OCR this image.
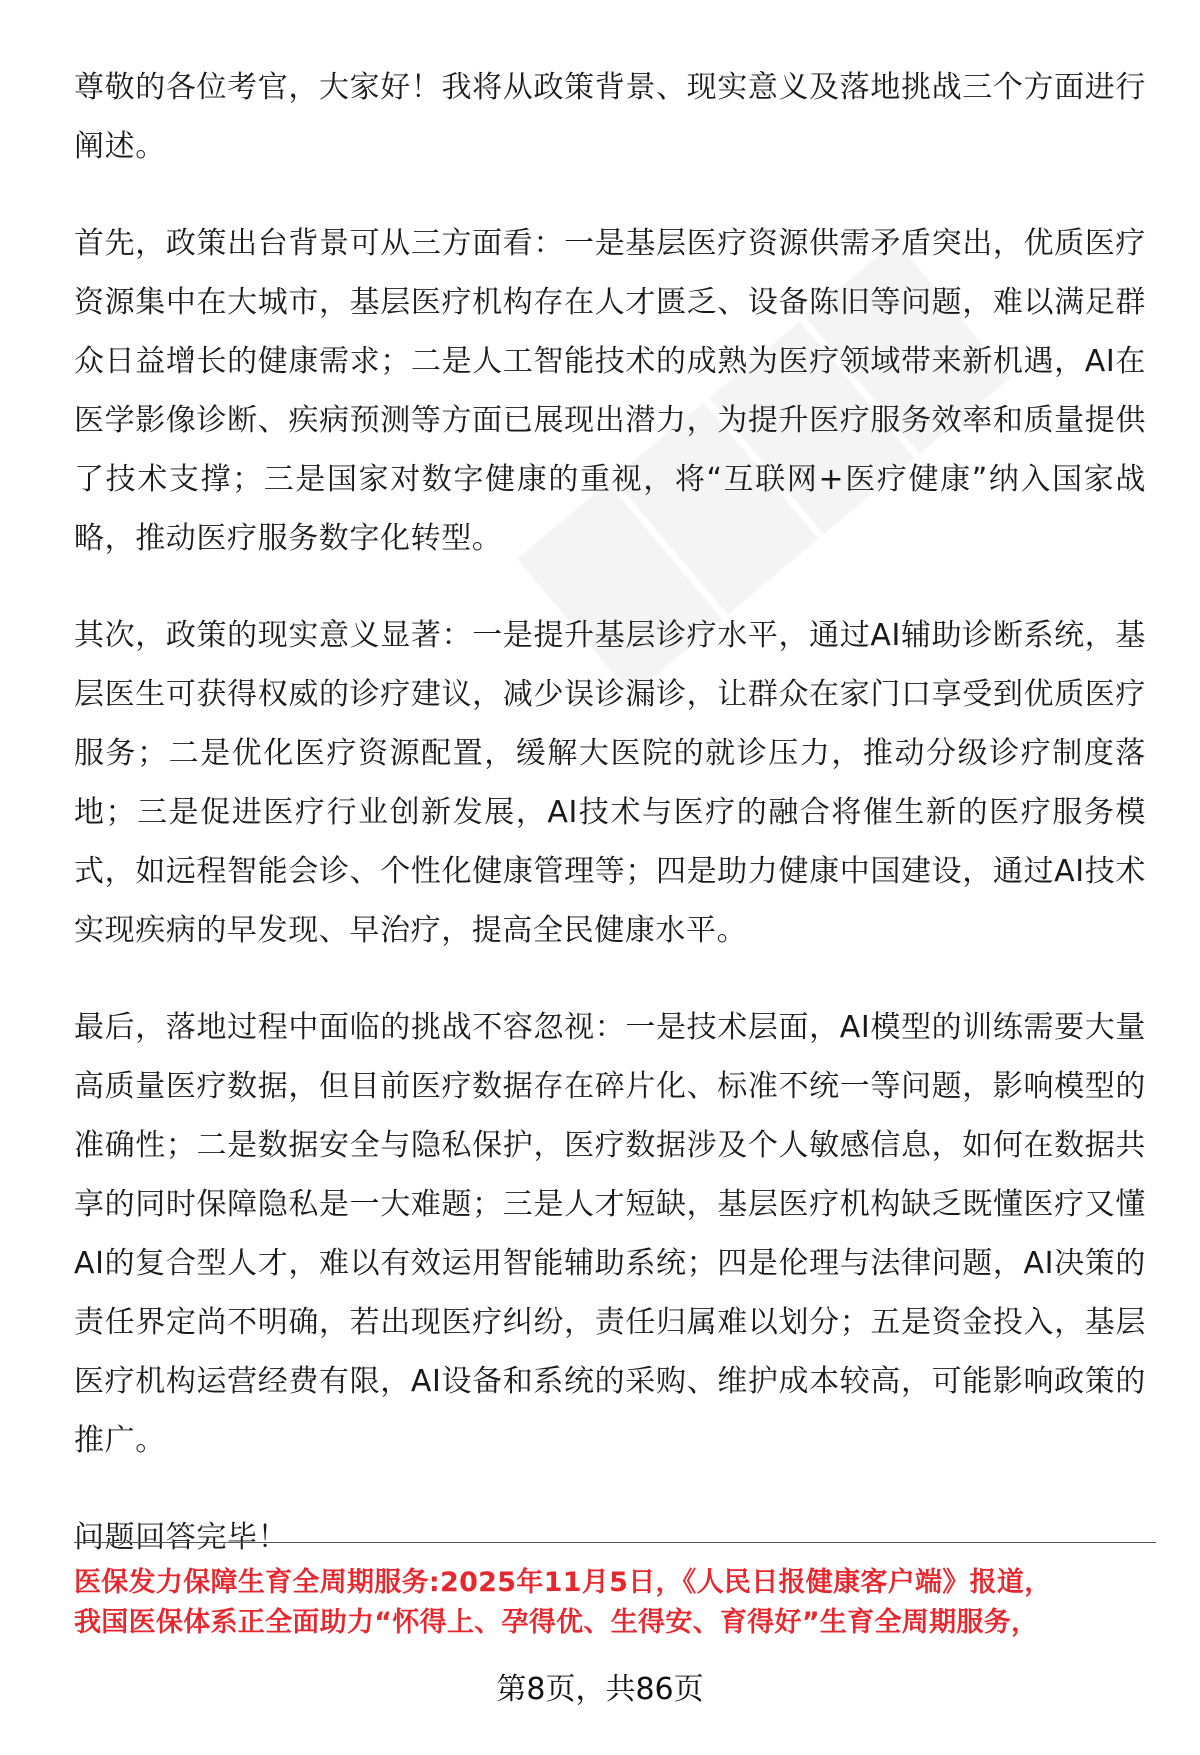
尊敬的各位考官，大家好！我将从政策背景、现实意义及落地挑战三个方面进行阐述。

首先，政策出台背景可从三方面看：一是基层医疗资源供需矛盾突出，优质医疗资源集中在大城市，基层医疗机构存在人才匮乏、设备陈旧等问题，难以满足群众日益增长的健康需求；二是人工智能技术的成熟为医疗领域带来新机遇，AI在医学影像诊断、疾病预测等方面已展现出潜力，为提升医疗服务效率和质量提供了技术支撑；三是国家对数字健康的重视，将“互联网+医疗健康”纳入国家战略，推动医疗服务数字化转型。

其次，政策的现实意义显著：一是提升基层诊疗水平，通过AI辅助诊断系统，基层医生可获得权威的诊疗建议，减少误诊漏诊，让群众在家门口享受到优质医疗服务；二是优化医疗资源配置，缓解大医院的就诊压力，推动分级诊疗制度落地；三是促进医疗行业创新发展，AI技术与医疗的融合将催生新的医疗服务模式，如远程智能会诊、个性化健康管理等；四是助力健康中国建设，通过AI技术实现疾病的早发现、早治疗，提高全民健康水平。

最后，落地过程中面临的挑战不容忽视：一是技术层面，AI模型的训练需要大量高质量医疗数据，但目前医疗数据存在碎片化、标准不统一等问题，影响模型的准确性；二是数据安全与隐私保护，医疗数据涉及个人敏感信息，如何在数据共享的同时保障隐私是一大难题；三是人才短缺，基层医疗机构缺乏既懂医疗又懂AI的复合型人才，难以有效运用智能辅助系统；四是伦理与法律问题，AI决策的责任界定尚不明确，若出现医疗纠纷，责任归属难以划分；五是资金投入，基层医疗机构运营经费有限，AI设备和系统的采购、维护成本较高，可能影响政策的推广。

问题回答完毕！

医保发力保障生育全周期服务:2025年11月5日，《人民日报健康客户端》报道，
我国医保体系正全面助力“怀得上、孕得优、生得安、育得好”生育全周期服务，
第8页，共86页
